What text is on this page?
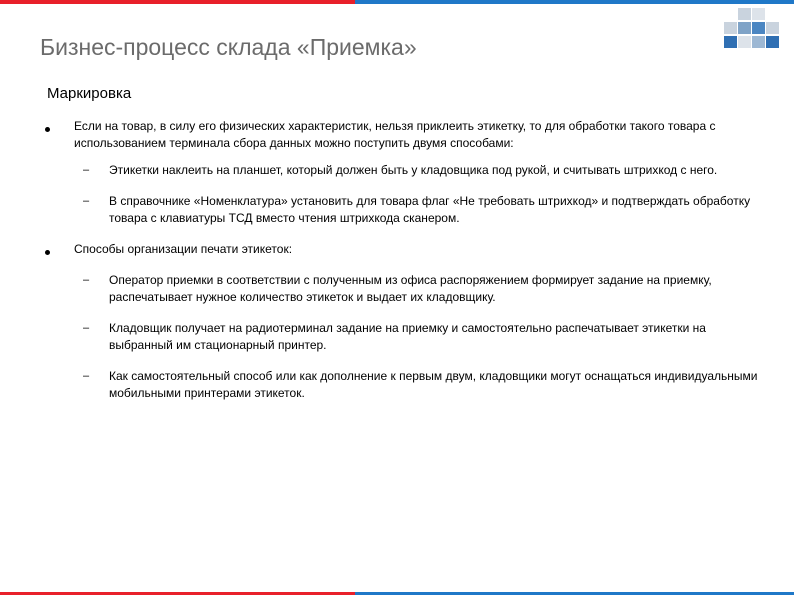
Бизнес-процесс склада «Приемка»
Маркировка
Если на товар, в силу его физических характеристик, нельзя приклеить этикетку, то для обработки такого товара с использованием терминала сбора данных можно поступить двумя способами:
– Этикетки наклеить на планшет, который должен быть у кладовщика под рукой, и считывать штрихкод с него.
– В справочнике «Номенклатура» установить для товара флаг «Не требовать штрихкод» и подтверждать обработку товара с клавиатуры ТСД вместо чтения штрихкода сканером.
Способы организации печати этикеток:
– Оператор приемки в соответствии с полученным из офиса распоряжением формирует задание на приемку, распечатывает нужное количество этикеток и выдает их кладовщику.
– Кладовщик получает на радиотерминал задание на приемку и самостоятельно распечатывает этикетки на выбранный им стационарный принтер.
– Как самостоятельный способ или как дополнение к первым двум, кладовщики могут оснащаться индивидуальными мобильными принтерами этикеток.
